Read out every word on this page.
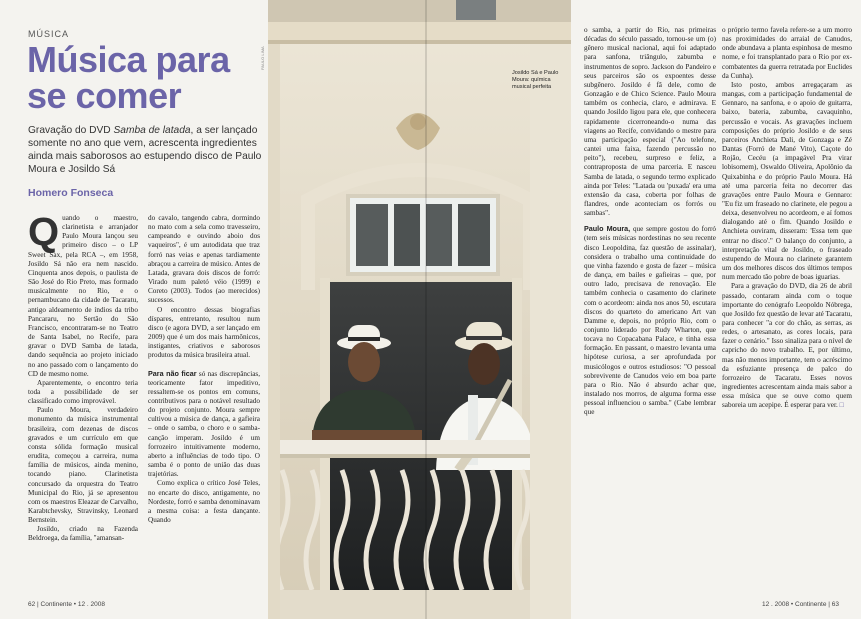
MÚSICA
Música para
se comer
Gravação do DVD Samba de latada, a ser lançado somente no ano que vem, acrescenta ingredientes ainda mais saborosos ao estupendo disco de Paulo Moura e Josildo Sá
Homero Fonseca

Quando o maestro, clarinetista e arranjador Paulo Moura lançou seu primeiro disco – o LP Sweet Sax, pela RCA –, em 1958, Josildo Sá não era nem nascido. Cinquenta anos depois, o paulista de São José do Rio Preto, mas formado musicalmente no Rio, e o pernambucano da cidade de Tacaratu, antigo aldeamento de índios da tribo Pancararu, no Sertão do São Francisco, encontraram-se no Teatro de Santa Isabel, no Recife, para gravar o DVD Samba de latada, dando sequência ao projeto iniciado no ano passado com o lançamento do CD de mesmo nome.

Aparentemente, o encontro teria toda a possibilidade de ser classificado como improvável.

Paulo Moura, verdadeiro monumento da música instrumental brasileira, com dezenas de discos gravados e um currículo em que consta sólida formação musical erudita, começou a carreira, numa família de músicos, ainda menino, tocando piano. Clarinetista concursado da orquestra do Teatro Municipal do Rio, já se apresentou com os maestros Eleazar de Carvalho, Karabtchevsky, Stravinsky, Leonard Bernstein.

Josildo, criado na Fazenda Beldroega, da família, "amansan-

do cavalo, tangendo cabra, dormindo no mato com a sela como travesseiro, campeando e ouvindo aboio dos vaqueiros", é um autodidata que traz forró nas veias e apenas tardiamente abraçou a carreira de músico. Antes de Latada, gravara dois discos de forró: Virado num paletó véio (1999) e Coreto (2003). Todos (ao merecidos) sucessos.

O encontro dessas biografias díspares, entretanto, resultou num disco (e agora DVD, a ser lançado em 2009) que é um dos mais harmônicos, instigantes, criativos e saborosos produtos da música brasileira atual.

Para não ficar só nas discrepâncias, teoricamente fator impeditivo, ressaltem-se os pontos em comuns, contributivos para o notável resultado do projeto conjunto. Moura sempre cultivou a música de dança, a gafieira – onde o samba, o choro e o samba-canção imperam. Josildo é um forrozeiro intuitivamente moderno, aberto a influências de todo tipo. O samba é o ponto de união das duas trajetórias.

Como explica o crítico José Teles, no encarte do disco, antigamente, no Nordeste, forró e samba denominavam a mesma coisa: a festa dançante. Quando

62 | Continente • 12 . 2008
Josildo Sá e Paulo Moura: química musical perfeita
PAULO LIMA

o samba, a partir do Rio, nas primeiras décadas do século passado, tornou-se um (o) gênero musical nacional, aqui foi adaptado para sanfona, triângulo, zabumba e instrumentos de sopro. Jackson do Pandeiro e seus parceiros são os expoentes desse subgênero. Josildo é fã dele, como de Gonzagão e de Chico Science. Paulo Moura também os conhecia, claro, e admirava. E quando Josildo ligou para ele, que conhecera rapidamente cicerroneando-o numa das viagens ao Recife, convidando o mestre para uma participação especial ("Ao telefone, cantei uma faixa, fazendo percussão no peito"), recebeu, surpreso e feliz, a contraproposta de uma parceria. E nasceu Samba de latada, o segundo termo explicado ainda por Teles: "Latada ou 'puxada' era uma extensão da casa, coberta por folhas de flandres, onde aconteciam os forrós ou sambas".

Paulo Moura, que sempre gostou do forró (tem seis músicas nordestinas no seu recente disco Leopoldina, faz questão de assinalar), considera o trabalho uma continuidade do que vinha fazendo e gosta de fazer – música de dança, em bailes e gafieiras – que, por outro lado, precisava de renovação. Ele também conhecia o casamento do clarinete com o acordeom: ainda nos anos 50, escutara discos do quarteto do americano Art van Damme e, depois, no próprio Rio, com o conjunto liderado por Rudy Wharton, que tocava no Copacabana Palace, e tinha essa formação. En passant, o maestro levanta uma hipótese curiosa, a ser aprofundada por musicólogos e outros estudiosos: "O pessoal sobrevivente de Canudos veio em boa parte para o Rio. Não é absurdo achar que, instalado nos morros, de alguma forma esse pessoal influenciou o samba." (Cabe lembrar que

o próprio termo favela refere-se a um morro nas proximidades do arraial de Canudos, onde abundava a planta espinhosa de mesmo nome, e foi transplantado para o Rio por ex-combatentes da guerra retratada por Euclides da Cunha).

Isto posto, ambos arregaçaram as mangas, com a participação fundamental de Gennaro, na sanfona, e o apoio de guitarra, baixo, bateria, zabumba, cavaquinho, percussão e vocais. As gravações incluem composições do próprio Josildo e de seus parceiros Anchieta Dali, de Gonzaga e Zé Dantas (Forró de Mané Vito), Caçote do Rojão, Cecéu (a impagável Pra virar lobisomem), Oswaldo Oliveira, Apolônio da Quixabinha e do próprio Paulo Moura. Há até uma parceria feita no decorrer das gravações entre Paulo Moura e Gennaro: "Eu fiz um fraseado no clarinete, ele pegou a deixa, desenvolveu no acordeom, e aí fomos dialogando até o fim. Quando Josildo e Anchieta ouviram, disseram: 'Essa tem que entrar no disco'." O balanço do conjunto, a interpretação vital de Josildo, o fraseado estupendo de Moura no clarinete garantem um dos melhores discos dos últimos tempos num mercado tão pobre de boas iguarias.

Para a gravação do DVD, dia 26 de abril passado, contaram ainda com o toque importante do cenógrafo Leopoldo Nóbrega, que Josildo fez questão de levar até Tacaratu, para conhecer "a cor do chão, as serras, as redes, o artesanato, as cores locais, para fazer o cenário." Isso sinaliza para o nível de capricho do novo trabalho. E, por último, mas não menos importante, tem o acréscimo da esfuziante presença de palco do forrozeiro de Tacaratu. Esses novos ingredientes acrescentam ainda mais sabor a essa música que se ouve como quem saboreia um acepipe. É esperar para ver. □

12 . 2008 • Continente | 63
